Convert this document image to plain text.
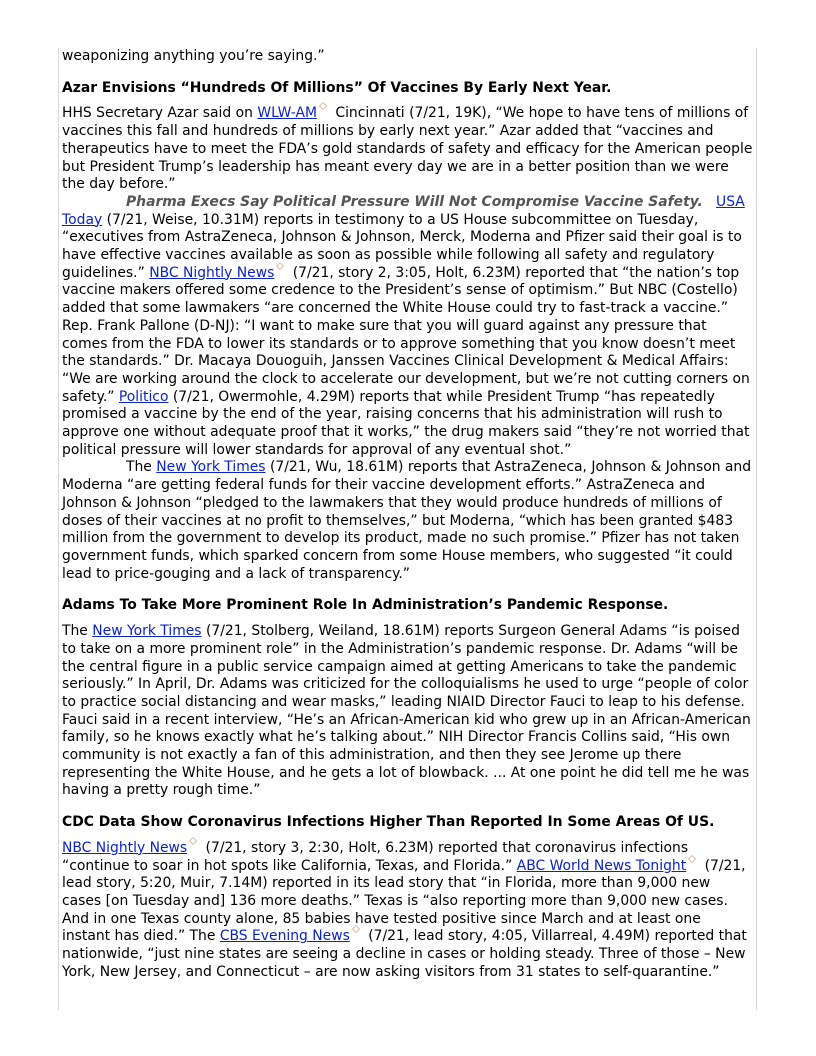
weaponizing anything you’re saying.”

Azar Envisions “Hundreds Of Millions” Of Vaccines By Early Next Year.

HHS Secretary Azar said on WLW-AM Cincinnati (7/21, 19K), “We hope to have tens of millions of vaccines this fall and hundreds of millions by early next year.” Azar added that “vaccines and therapeutics have to meet the FDA’s gold standards of safety and efficacy for the American people but President Trump’s leadership has meant every day we are in a better position than we were the day before.”

Pharma Execs Say Political Pressure Will Not Compromise Vaccine Safety. USA Today (7/21, Weise, 10.31M) reports in testimony to a US House subcommittee on Tuesday, “executives from AstraZeneca, Johnson & Johnson, Merck, Moderna and Pfizer said their goal is to have effective vaccines available as soon as possible while following all safety and regulatory guidelines.” NBC Nightly News (7/21, story 2, 3:05, Holt, 6.23M) reported that “the nation’s top vaccine makers offered some credence to the President’s sense of optimism.” But NBC (Costello) added that some lawmakers “are concerned the White House could try to fast-track a vaccine.” Rep. Frank Pallone (D-NJ): “I want to make sure that you will guard against any pressure that comes from the FDA to lower its standards or to approve something that you know doesn’t meet the standards.” Dr. Macaya Douoguih, Janssen Vaccines Clinical Development & Medical Affairs: “We are working around the clock to accelerate our development, but we’re not cutting corners on safety.” Politico (7/21, Owermohle, 4.29M) reports that while President Trump “has repeatedly promised a vaccine by the end of the year, raising concerns that his administration will rush to approve one without adequate proof that it works,” the drug makers said “they’re not worried that political pressure will lower standards for approval of any eventual shot.”

The New York Times (7/21, Wu, 18.61M) reports that AstraZeneca, Johnson & Johnson and Moderna “are getting federal funds for their vaccine development efforts.” AstraZeneca and Johnson & Johnson “pledged to the lawmakers that they would produce hundreds of millions of doses of their vaccines at no profit to themselves,” but Moderna, “which has been granted $483 million from the government to develop its product, made no such promise.” Pfizer has not taken government funds, which sparked concern from some House members, who suggested “it could lead to price-gouging and a lack of transparency.”

Adams To Take More Prominent Role In Administration’s Pandemic Response.

The New York Times (7/21, Stolberg, Weiland, 18.61M) reports Surgeon General Adams “is poised to take on a more prominent role” in the Administration’s pandemic response. Dr. Adams “will be the central figure in a public service campaign aimed at getting Americans to take the pandemic seriously.” In April, Dr. Adams was criticized for the colloquialisms he used to urge “people of color to practice social distancing and wear masks,” leading NIAID Director Fauci to leap to his defense. Fauci said in a recent interview, “He’s an African-American kid who grew up in an African-American family, so he knows exactly what he’s talking about.” NIH Director Francis Collins said, “His own community is not exactly a fan of this administration, and then they see Jerome up there representing the White House, and he gets a lot of blowback. ... At one point he did tell me he was having a pretty rough time.”

CDC Data Show Coronavirus Infections Higher Than Reported In Some Areas Of US.

NBC Nightly News (7/21, story 3, 2:30, Holt, 6.23M) reported that coronavirus infections “continue to soar in hot spots like California, Texas, and Florida.” ABC World News Tonight (7/21, lead story, 5:20, Muir, 7.14M) reported in its lead story that “in Florida, more than 9,000 new cases [on Tuesday and] 136 more deaths.” Texas is “also reporting more than 9,000 new cases. And in one Texas county alone, 85 babies have tested positive since March and at least one instant has died.” The CBS Evening News (7/21, lead story, 4:05, Villarreal, 4.49M) reported that nationwide, “just nine states are seeing a decline in cases or holding steady. Three of those – New York, New Jersey, and Connecticut – are now asking visitors from 31 states to self-quarantine.”
